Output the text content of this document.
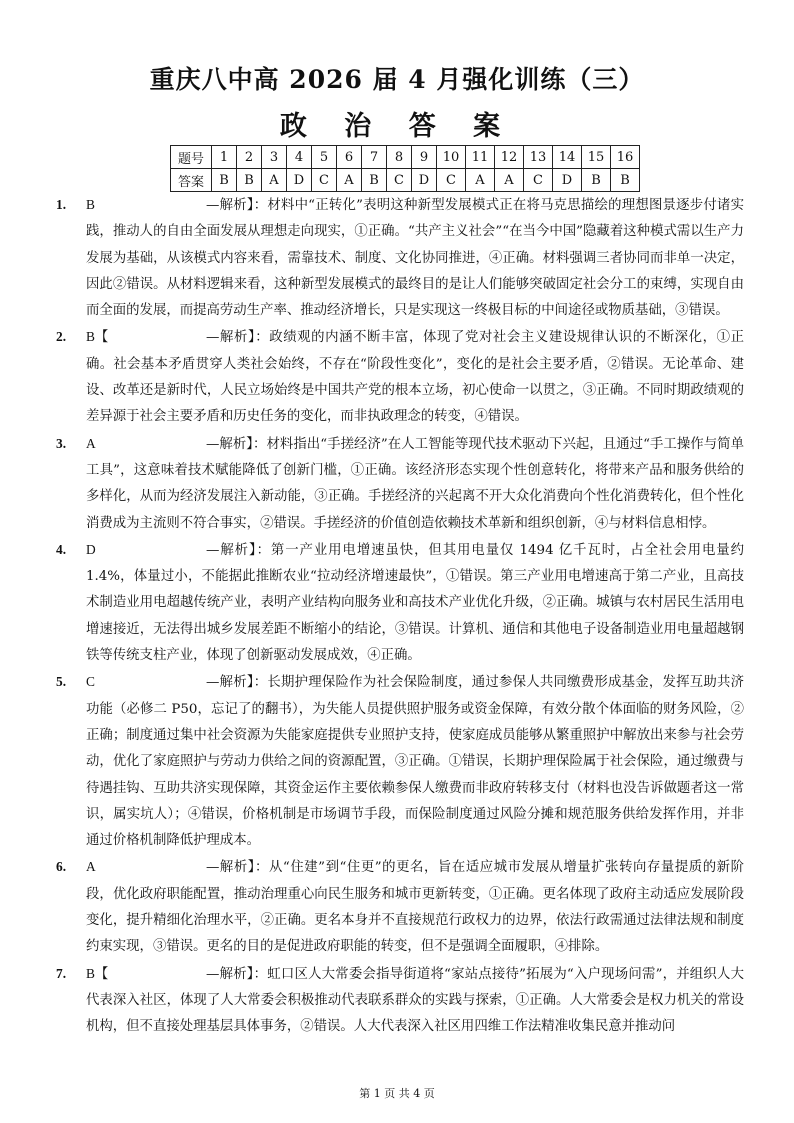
重庆八中高 2026 届 4 月强化训练（三）
政 治 答 案
题号	1	2	3	4	5	6	7	8	9	10	11	12	13	14	15	16
答案	B	B	A	D	C	A	B	C	D	C	A	A	C	D	B	B
1. B	—解析】：材料中“正转化”表明这种新型发展模式正在将马克思描绘的理想图景逐步付诸实践，推动人的自由全面发展从理想走向现实，①正确。“共产主义社会”“在当今中国”隐藏着这种模式需以生产力发展为基础，从该模式内容来看，需靠技术、制度、文化协同推进，④正确。材料强调三者协同而非单一决定，因此②错误。从材料逻辑来看，这种新型发展模式的最终目的是让人们能够突破固定社会分工的束缚，实现自由而全面的发展，而提高劳动生产率、推动经济增长，只是实现这一终极目标的中间途径或物质基础，③错误。
2. B【	—解析】：政绩观的内涵不断丰富，体现了党对社会主义建设规律认识的不断深化，①正确。社会基本矛盾贯穿人类社会始终，不存在“阶段性变化”，变化的是社会主要矛盾，②错误。无论革命、建设、改革还是新时代，人民立场始终是中国共产党的根本立场，初心使命一以贯之，③正确。不同时期政绩观的差异源于社会主要矛盾和历史任务的变化，而非执政理念的转变，④错误。
3. A	—解析】：材料指出“手搓经济”在人工智能等现代技术驱动下兴起，且通过“手工操作与简单工具”，这意味着技术赋能降低了创新门槛，①正确。该经济形态实现个性创意转化，将带来产品和服务供给的多样化，从而为经济发展注入新动能，③正确。手搓经济的兴起离不开大众化消费向个性化消费转化，但个性化消费成为主流则不符合事实，②错误。手搓经济的价值创造依赖技术革新和组织创新，④与材料信息相悖。
4. D	—解析】：第一产业用电增速虽快，但其用电量仅 1494 亿千瓦时，占全社会用电量约 1.4%，体量过小，不能据此推断农业“拉动经济增速最快”，①错误。第三产业用电增速高于第二产业，且高技术制造业用电超越传统产业，表明产业结构向服务业和高技术产业优化升级，②正确。城镇与农村居民生活用电增速接近，无法得出城乡发展差距不断缩小的结论，③错误。计算机、通信和其他电子设备制造业用电量超越钢铁等传统支柱产业，体现了创新驱动发展成效，④正确。
5. C	—解析】：长期护理保险作为社会保险制度，通过参保人共同缴费形成基金，发挥互助共济功能（必修二 P50，忘记了的翻书），为失能人员提供照护服务或资金保障，有效分散个体面临的财务风险，②正确；制度通过集中社会资源为失能家庭提供专业照护支持，使家庭成员能够从繁重照护中解放出来参与社会劳动，优化了家庭照护与劳动力供给之间的资源配置，③正确。①错误，长期护理保险属于社会保险，通过缴费与待遇挂钩、互助共济实现保障，其资金运作主要依赖参保人缴费而非政府转移支付（材料也没告诉做题者这一常识，属实坑人）；④错误，价格机制是市场调节手段，而保险制度通过风险分摊和规范服务供给发挥作用，并非通过价格机制降低护理成本。
6. A	—解析】：从“住建”到“住更”的更名，旨在适应城市发展从增量扩张转向存量提质的新阶段，优化政府职能配置，推动治理重心向民生服务和城市更新转变，①正确。更名体现了政府主动适应发展阶段变化，提升精细化治理水平，②正确。更名本身并不直接规范行政权力的边界，依法行政需通过法律法规和制度约束实现，③错误。更名的目的是促进政府职能的转变，但不是强调全面履职，④排除。
7. B【	—解析】：虹口区人大常委会指导街道将“家站点接待”拓展为“入户现场问需”，并组织人大代表深入社区，体现了人大常委会积极推动代表联系群众的实践与探索，①正确。人大常委会是权力机关的常设机构，但不直接处理基层具体事务，②错误。人大代表深入社区用四维工作法精准收集民意并推动问
第 1 页 共 4 页
